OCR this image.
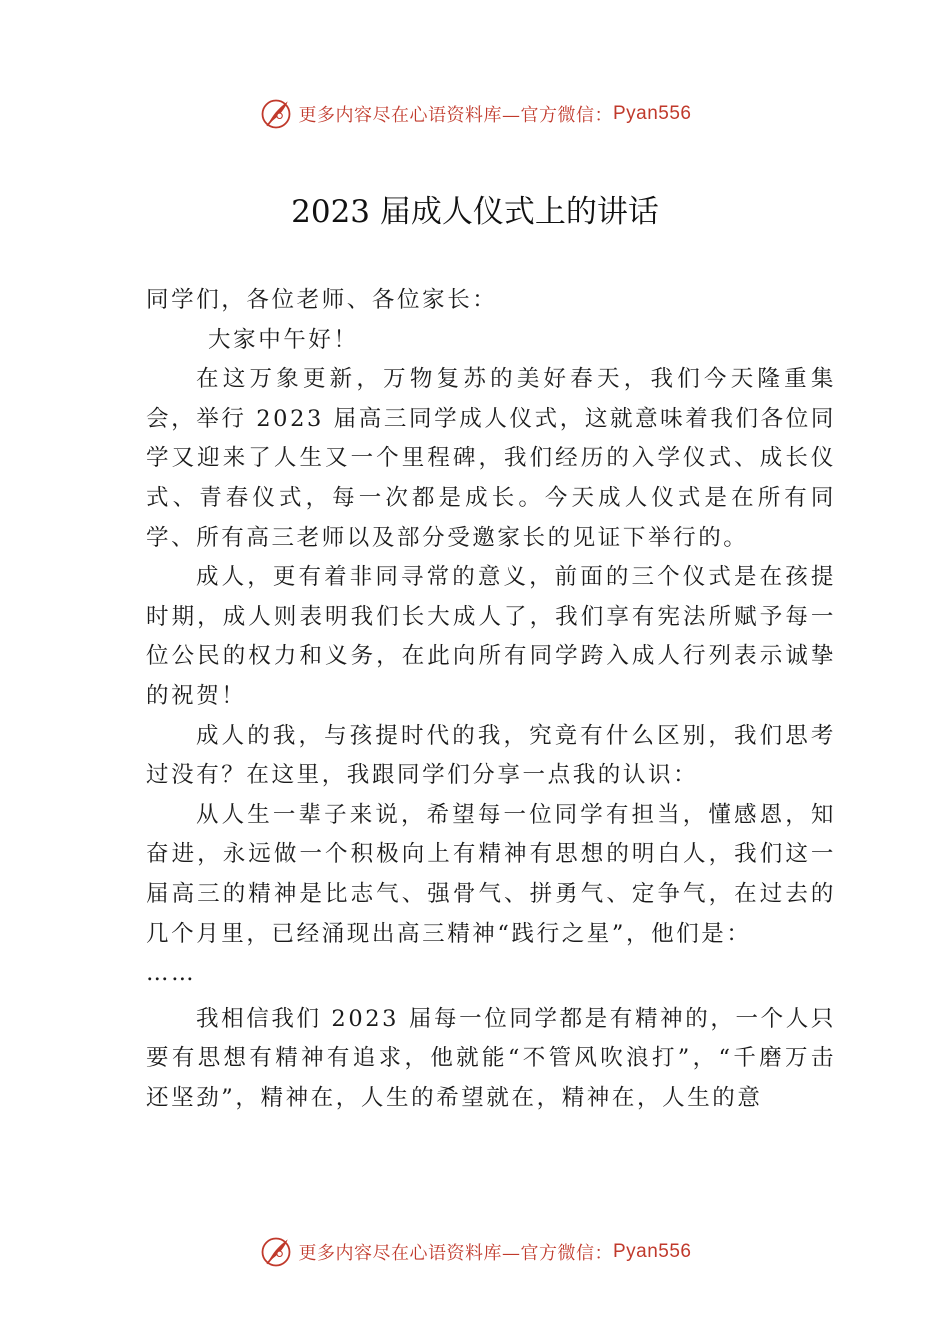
更多内容尽在心语资料库—官方微信： Pyan556
2023 届成人仪式上的讲话

同学们，各位老师、各位家长：

大家中午好！

在这万象更新，万物复苏的美好春天，我们今天隆重集会，举行 2023 届高三同学成人仪式，这就意味着我们各位同学又迎来了人生又一个里程碑，我们经历的入学仪式、成长仪式、青春仪式，每一次都是成长。今天成人仪式是在所有同学、所有高三老师以及部分受邀家长的见证下举行的。

成人，更有着非同寻常的意义，前面的三个仪式是在孩提时期，成人则表明我们长大成人了，我们享有宪法所赋予每一位公民的权力和义务，在此向所有同学跨入成人行列表示诚挚的祝贺！

成人的我，与孩提时代的我，究竟有什么区别，我们思考过没有？在这里，我跟同学们分享一点我的认识：

从人生一辈子来说，希望每一位同学有担当，懂感恩，知奋进，永远做一个积极向上有精神有思想的明白人，我们这一届高三的精神是比志气、强骨气、拼勇气、定争气，在过去的几个月里，已经涌现出高三精神“践行之星”，他们是：

……

我相信我们 2023 届每一位同学都是有精神的，一个人只要有思想有精神有追求，他就能“不管风吹浪打”，“千磨万击还坚劲”，精神在，人生的希望就在，精神在，人生的意

更多内容尽在心语资料库—官方微信： Pyan556
